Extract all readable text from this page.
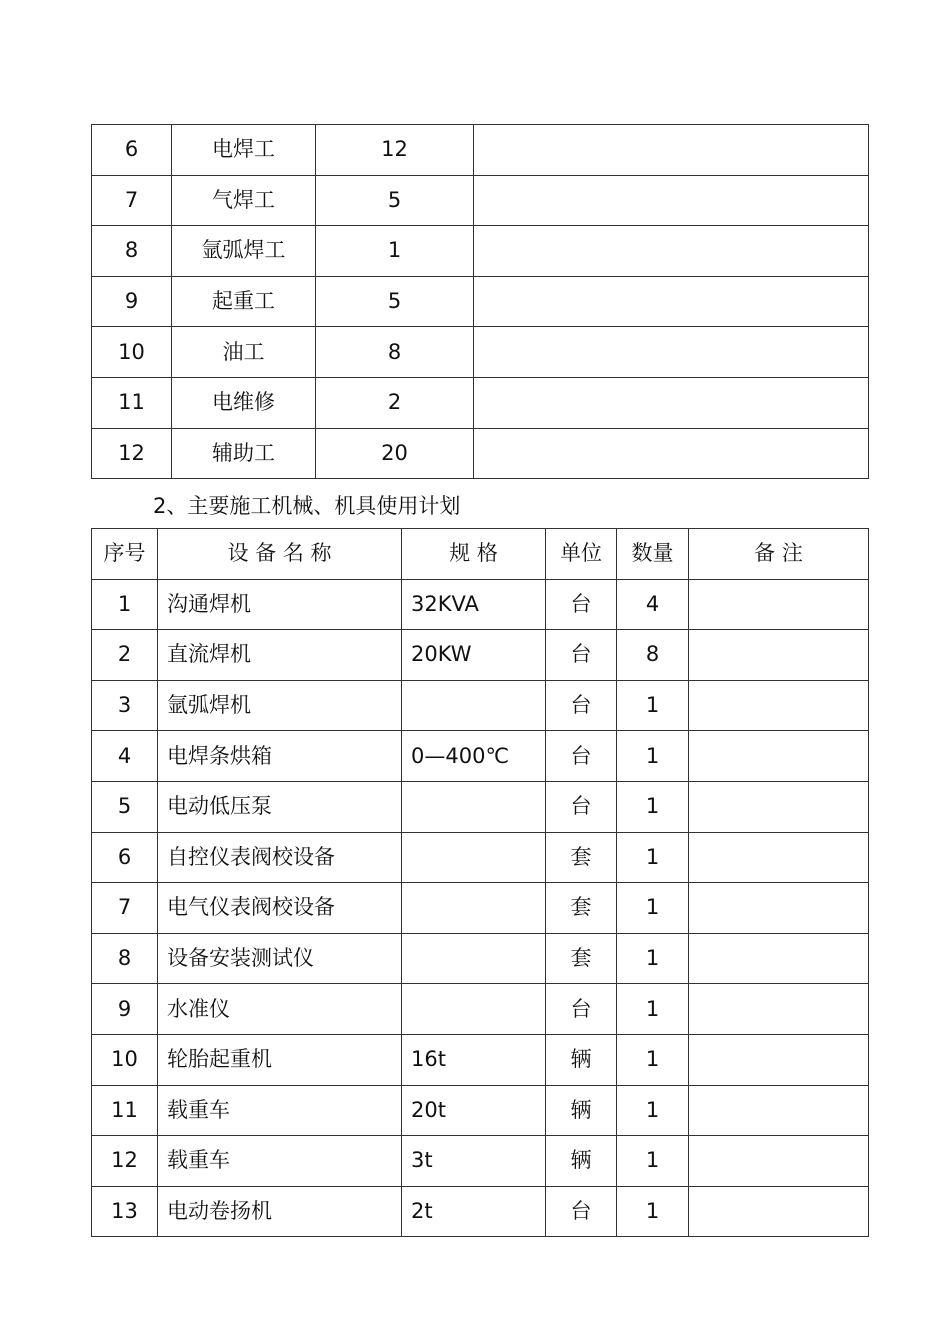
6	电焊工	12	
7	气焊工	5	
8	氩弧焊工	1	
9	起重工	5	
10	油工	8	
11	电维修	2	
12	辅助工	20	
2、主要施工机械、机具使用计划
序号	设 备 名 称	规 格	单位	数量	备 注
1	沟通焊机	32KVA	台	4	
2	直流焊机	20KW	台	8	
3	氩弧焊机		台	1	
4	电焊条烘箱	0—400℃	台	1	
5	电动低压泵		台	1	
6	自控仪表阀校设备		套	1	
7	电气仪表阀校设备		套	1	
8	设备安装测试仪		套	1	
9	水准仪		台	1	
10	轮胎起重机	16t	辆	1	
11	载重车	20t	辆	1	
12	载重车	3t	辆	1	
13	电动卷扬机	2t	台	1	
